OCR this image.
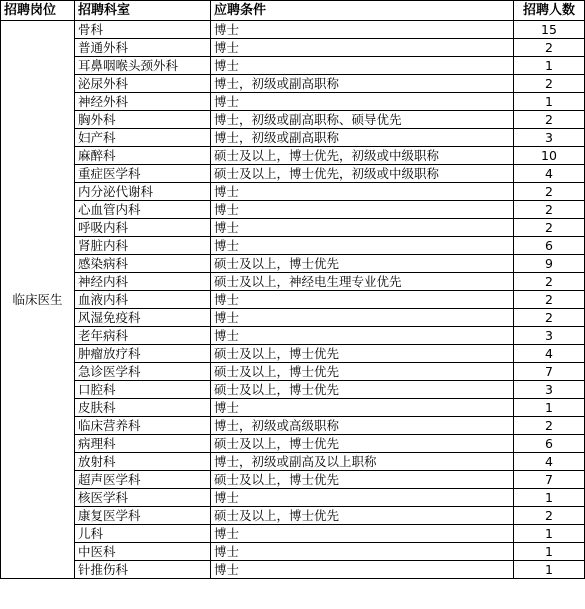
招聘岗位	招聘科室	应聘条件	招聘人数
临床医生	骨科	博士	15
	普通外科	博士	2
	耳鼻咽喉头颈外科	博士	1
	泌尿外科	博士，初级或副高职称	2
	神经外科	博士	1
	胸外科	博士，初级或副高职称、硕导优先	2
	妇产科	博士，初级或副高职称	3
	麻醉科	硕士及以上，博士优先，初级或中级职称	10
	重症医学科	硕士及以上，博士优先，初级或中级职称	4
	内分泌代谢科	博士	2
	心血管内科	博士	2
	呼吸内科	博士	2
	肾脏内科	博士	6
	感染病科	硕士及以上，博士优先	9
	神经内科	硕士及以上，神经电生理专业优先	2
	血液内科	博士	2
	风湿免疫科	博士	2
	老年病科	博士	3
	肿瘤放疗科	硕士及以上，博士优先	4
	急诊医学科	硕士及以上，博士优先	7
	口腔科	硕士及以上，博士优先	3
	皮肤科	博士	1
	临床营养科	博士，初级或高级职称	2
	病理科	硕士及以上，博士优先	6
	放射科	博士，初级或副高及以上职称	4
	超声医学科	硕士及以上，博士优先	7
	核医学科	博士	1
	康复医学科	硕士及以上，博士优先	2
	儿科	博士	1
	中医科	博士	1
	针推伤科	博士	1
